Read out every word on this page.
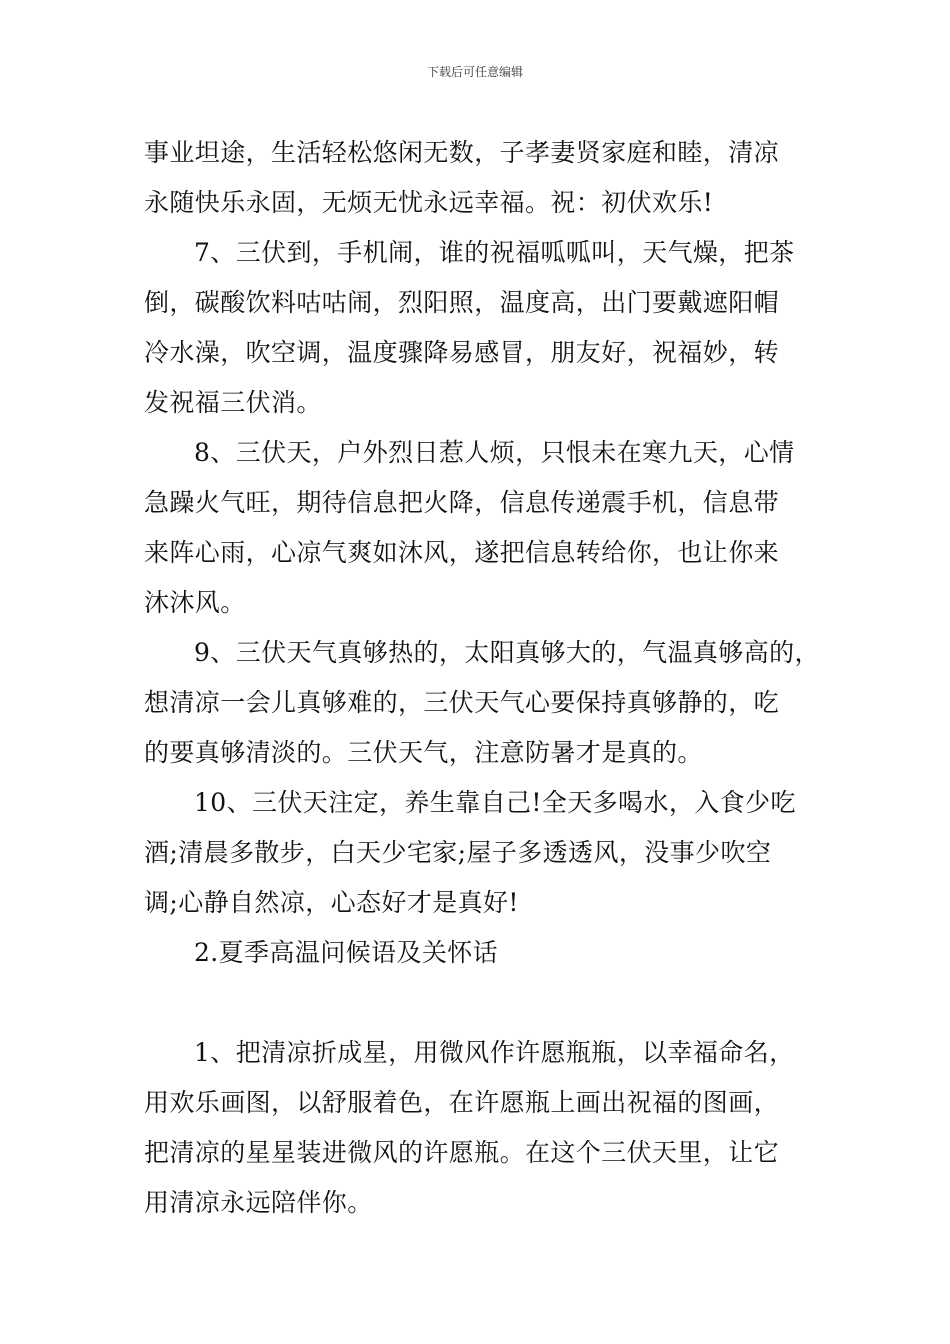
下载后可任意编辑
事业坦途，生活轻松悠闲无数，子孝妻贤家庭和睦，清凉
永随快乐永固，无烦无忧永远幸福。祝：初伏欢乐!
7、三伏到，手机闹，谁的祝福呱呱叫，天气燥，把茶
倒，碳酸饮料咕咕闹，烈阳照，温度高，出门要戴遮阳帽
冷水澡，吹空调，温度骤降易感冒，朋友好，祝福妙，转
发祝福三伏消。
8、三伏天，户外烈日惹人烦，只恨未在寒九天，心情
急躁火气旺，期待信息把火降，信息传递震手机，信息带
来阵心雨，心凉气爽如沐风，遂把信息转给你，也让你来
沐沐风。
9、三伏天气真够热的，太阳真够大的，气温真够高的，
想清凉一会儿真够难的，三伏天气心要保持真够静的，吃
的要真够清淡的。三伏天气，注意防暑才是真的。
10、三伏天注定，养生靠自己!全天多喝水，入食少吃
酒;清晨多散步，白天少宅家;屋子多透透风，没事少吹空
调;心静自然凉，心态好才是真好!
2.夏季高温问候语及关怀话
1、把清凉折成星，用微风作许愿瓶瓶，以幸福命名，
用欢乐画图，以舒服着色，在许愿瓶上画出祝福的图画，
把清凉的星星装进微风的许愿瓶。在这个三伏天里，让它
用清凉永远陪伴你。
